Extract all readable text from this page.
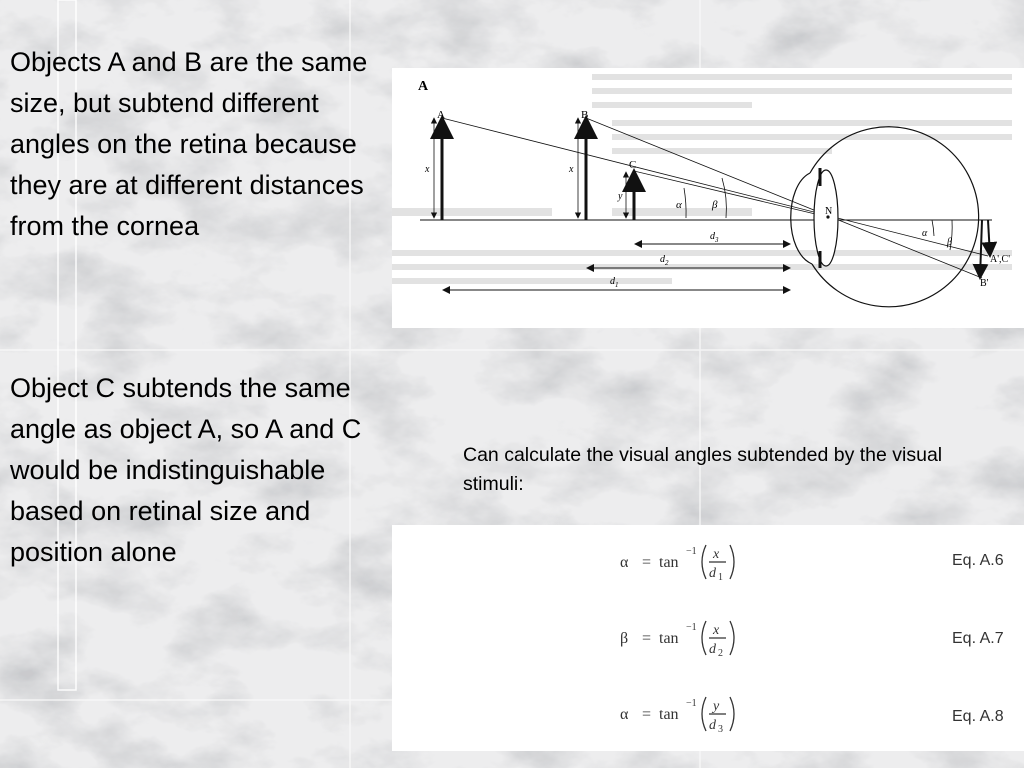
Objects A and B are the same size, but subtend different angles on the retina because they are at different distances from the cornea
Object C subtends the same angle as object A, so A and C would be indistinguishable based on retinal size and position alone
A
A	B
C
x	x
y
α	β
$d_3$
$d_2$
$d_1$
N
A',C'
B'
α
β
Can calculate the visual angles subtended by the visual stimuli:
α = tan
−1 x
d 1
Eq. A.6
β = tan
−1 x
d 2
Eq. A.7
α = tan
−1 y
d 3
Eq. A.8
